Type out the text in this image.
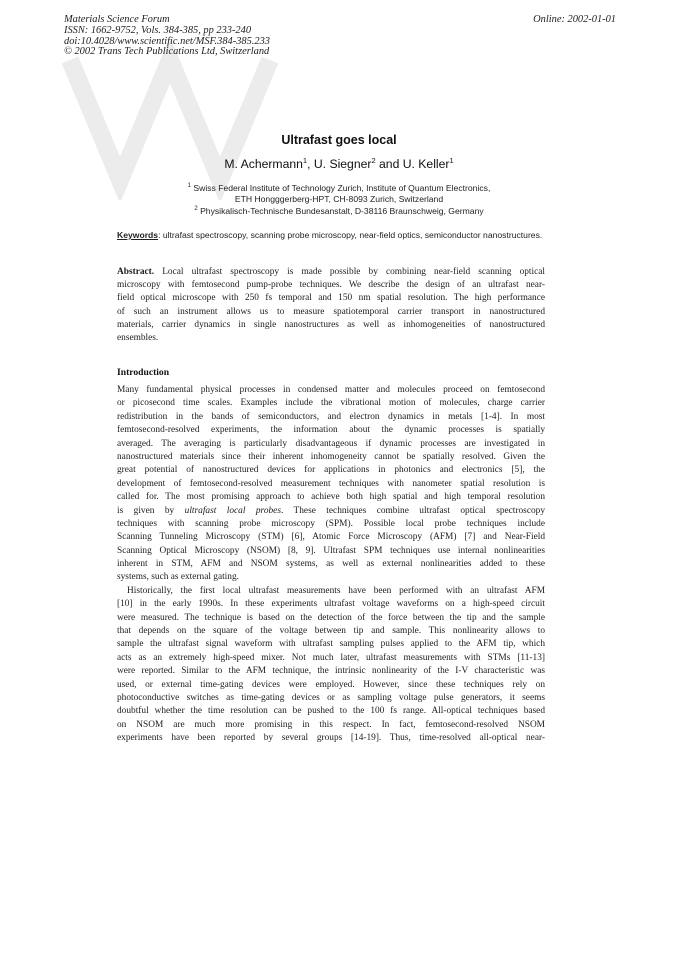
Materials Science Forum
ISSN: 1662-9752, Vols. 384-385, pp 233-240
doi:10.4028/www.scientific.net/MSF.384-385.233
© 2002 Trans Tech Publications Ltd, Switzerland
Online: 2002-01-01
Ultrafast goes local
M. Achermann$^1$, U. Siegner$^2$ and U. Keller$^1$
$^1$ Swiss Federal Institute of Technology Zurich, Institute of Quantum Electronics,
ETH Hongggerberg-HPT, CH-8093 Zurich, Switzerland
$^2$ Physikalisch-Technische Bundesanstalt, D-38116 Braunschweig, Germany
Keywords: ultrafast spectroscopy, scanning probe microscopy, near-field optics, semiconductor nanostructures.
Abstract. Local ultrafast spectroscopy is made possible by combining near-field scanning optical
microscopy with femtosecond pump-probe techniques. We describe the design of an ultrafast near-
field optical microscope with 250 fs temporal and 150 nm spatial resolution. The high performance
of such an instrument allows us to measure spatiotemporal carrier transport in nanostructured
materials, carrier dynamics in single nanostructures as well as inhomogeneities of nanostructured
ensembles.
Introduction
Many fundamental physical processes in condensed matter and molecules proceed on femtosecond
or picosecond time scales. Examples include the vibrational motion of molecules, charge carrier
redistribution in the bands of semiconductors, and electron dynamics in metals [1-4]. In most
femtosecond-resolved experiments, the information about the dynamic processes is spatially
averaged. The averaging is particularly disadvantageous if dynamic processes are investigated in
nanostructured materials since their inherent inhomogeneity cannot be spatially resolved. Given the
great potential of nanostructured devices for applications in photonics and electronics [5], the
development of femtosecond-resolved measurement techniques with nanometer spatial resolution is
called for. The most promising approach to achieve both high spatial and high temporal resolution
is given by ultrafast local probes. These techniques combine ultrafast optical spectroscopy
techniques with scanning probe microscopy (SPM). Possible local probe techniques include
Scanning Tunneling Microscopy (STM) [6], Atomic Force Microscopy (AFM) [7] and Near-Field
Scanning Optical Microscopy (NSOM) [8, 9]. Ultrafast SPM techniques use internal nonlinearities
inherent in STM, AFM and NSOM systems, as well as external nonlinearities added to these
systems, such as external gating.
Historically, the first local ultrafast measurements have been performed with an ultrafast AFM
[10] in the early 1990s. In these experiments ultrafast voltage waveforms on a high-speed circuit
were measured. The technique is based on the detection of the force between the tip and the sample
that depends on the square of the voltage between tip and sample. This nonlinearity allows to
sample the ultrafast signal waveform with ultrafast sampling pulses applied to the AFM tip, which
acts as an extremely high-speed mixer. Not much later, ultrafast measurements with STMs [11-13]
were reported. Similar to the AFM technique, the intrinsic nonlinearity of the I-V characteristic was
used, or external time-gating devices were employed. However, since these techniques rely on
photoconductive switches as time-gating devices or as sampling voltage pulse generators, it seems
doubtful whether the time resolution can be pushed to the 100 fs range. All-optical techniques based
on NSOM are much more promising in this respect. In fact, femtosecond-resolved NSOM
experiments have been reported by several groups [14-19]. Thus, time-resolved all-optical near-
